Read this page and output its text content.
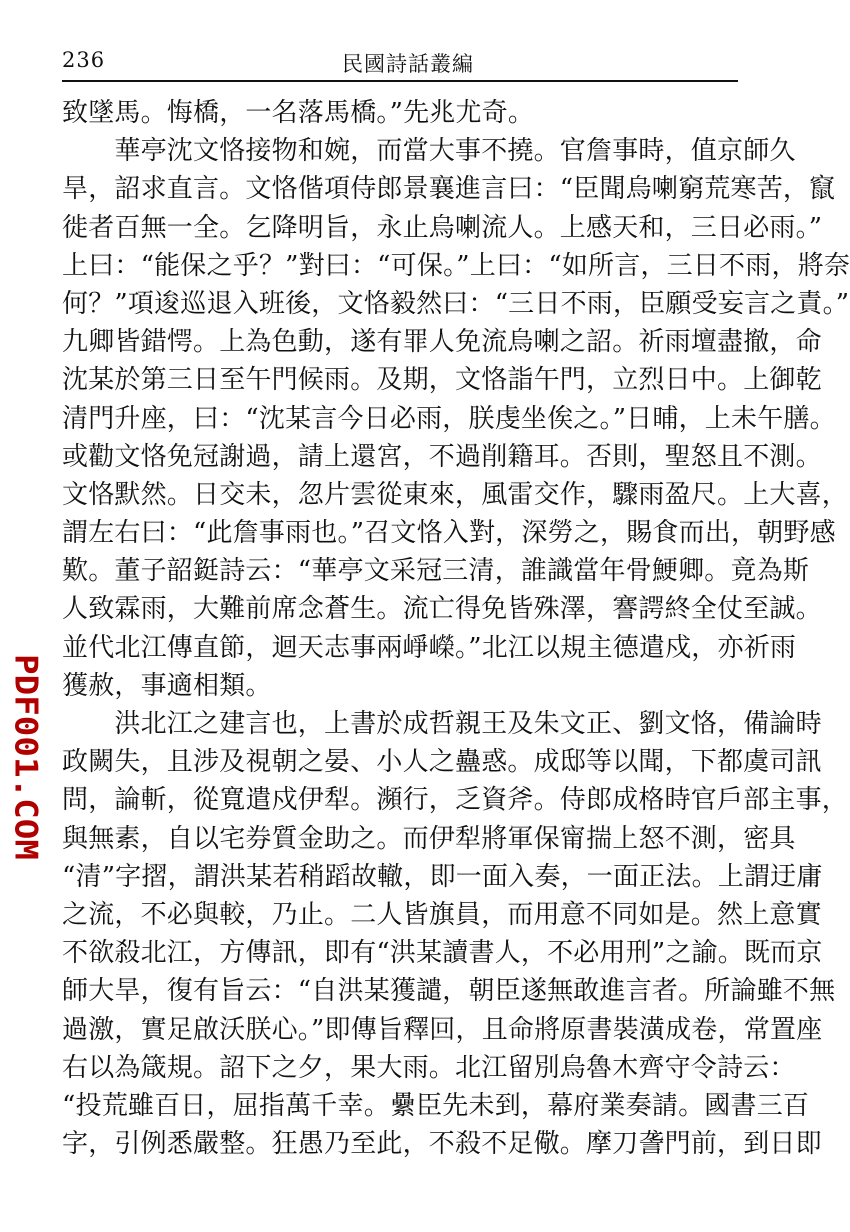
236	民國詩話叢編
致墜馬。悔橋，一名落馬橋。”先兆尤奇。
　　華亭沈文恪接物和婉，而當大事不撓。官詹事時，值京師久
旱，詔求直言。文恪偕項侍郎景襄進言曰：“臣聞烏喇窮荒寒苦，竄
徙者百無一全。乞降明旨，永止烏喇流人。上感天和，三日必雨。”
上曰：“能保之乎？”對曰：“可保。”上曰：“如所言，三日不雨，將奈
何？”項逡巡退入班後，文恪毅然曰：“三日不雨，臣願受妄言之責。”
九卿皆錯愕。上為色動，遂有罪人免流烏喇之詔。祈雨壇盡撤，命
沈某於第三日至午門候雨。及期，文恪詣午門，立烈日中。上御乾
清門升座，曰：“沈某言今日必雨，朕虔坐俟之。”日晡，上未午膳。
或勸文恪免冠謝過，請上還宮，不過削籍耳。否則，聖怒且不測。
文恪默然。日交未，忽片雲從東來，風雷交作，驟雨盈尺。上大喜，
謂左右曰：“此詹事雨也。”召文恪入對，深勞之，賜食而出，朝野感
歎。董子韶鋌詩云：“華亭文采冠三清，誰識當年骨鯁卿。竟為斯
人致霖雨，大難前席念蒼生。流亡得免皆殊澤，謇諤終全仗至誠。
並代北江傳直節，迴天志事兩崢嶸。”北江以規主德遣戍，亦祈雨
獲赦，事適相類。
　　洪北江之建言也，上書於成哲親王及朱文正、劉文恪，備論時
政闕失，且涉及視朝之晏、小人之蠱惑。成邸等以聞，下都虞司訊
問，論斬，從寬遣戍伊犁。瀕行，乏資斧。侍郎成格時官戶部主事，
與無素，自以宅券質金助之。而伊犁將軍保甯揣上怒不測，密具
“清”字摺，謂洪某若稍蹈故轍，即一面入奏，一面正法。上謂迂庸
之流，不必與較，乃止。二人皆旗員，而用意不同如是。然上意實
不欲殺北江，方傳訊，即有“洪某讀書人，不必用刑”之諭。既而京
師大旱，復有旨云：“自洪某獲譴，朝臣遂無敢進言者。所論雖不無
過激，實足啟沃朕心。”即傳旨釋回，且命將原書裝潢成卷，常置座
右以為箴規。詔下之夕，果大雨。北江留別烏魯木齊守令詩云：
“投荒雖百日，屈指萬千幸。纍臣先未到，幕府業奏請。國書三百
字，引例悉嚴整。狂愚乃至此，不殺不足儆。摩刀詟門前，到日即
PDF001.COM
